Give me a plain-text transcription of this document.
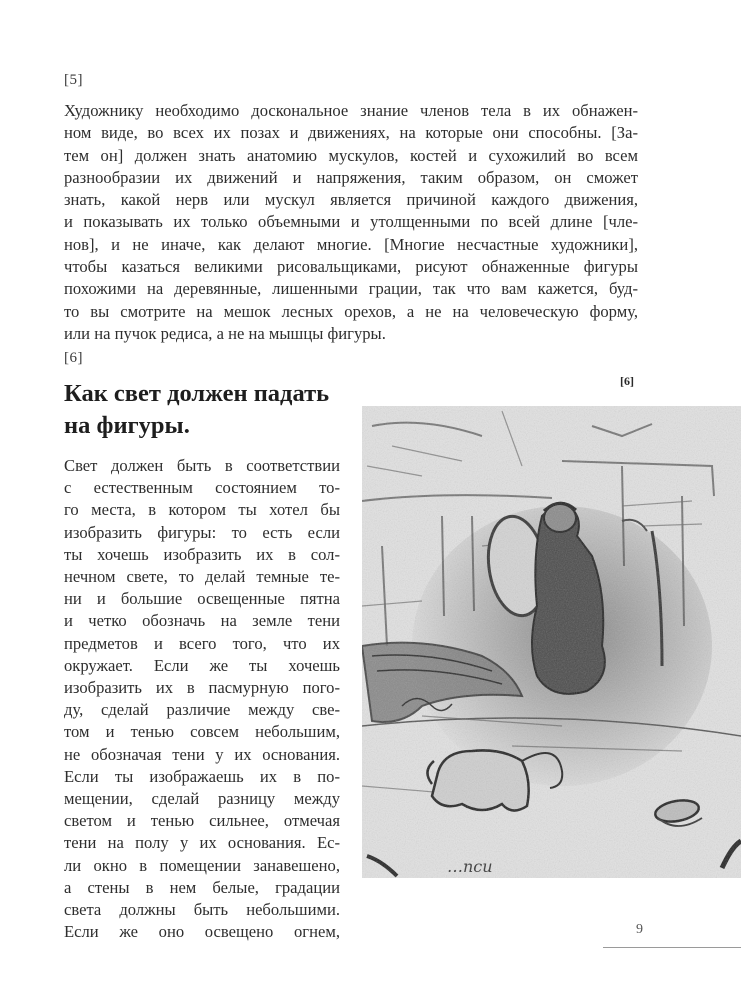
[5]
Художнику необходимо доскональное знание членов тела в их обнажен-
ном виде, во всех их позах и движениях, на которые они способны. [За-
тем он] должен знать анатомию мускулов, костей и сухожилий во всем
разнообразии их движений и напряжения, таким образом, он сможет
знать, какой нерв или мускул является причиной каждого движения,
и показывать их только объемными и утолщенными по всей длине [чле-
нов], и не иначе, как делают многие. [Многие несчастные художники],
чтобы казаться великими рисовальщиками, рисуют обнаженные фигуры
похожими на деревянные, лишенными грации, так что вам кажется, буд-
то вы смотрите на мешок лесных орехов, а не на человеческую форму,
или на пучок редиса, а не на мышцы фигуры.
[6]
Как свет должен падать
на фигуры.
Свет должен быть в соответствии
с естественным состоянием то-
го места, в котором ты хотел бы
изобразить фигуры: то есть если
ты хочешь изобразить их в сол-
нечном свете, то делай темные те-
ни и большие освещенные пятна
и четко обозначь на земле тени
предметов и всего того, что их
окружает. Если же ты хочешь
изобразить их в пасмурную пого-
ду, сделай различие между све-
том и тенью совсем небольшим,
не обозначая тени у их основания.
Если ты изображаешь их в по-
мещении, сделай разницу между
светом и тенью сильнее, отмечая
тени на полу у их основания. Ес-
ли окно в помещении занавешено,
а стены в нем белые, градации
света должны быть небольшими.
Если же оно освещено огнем,
[6]
9
